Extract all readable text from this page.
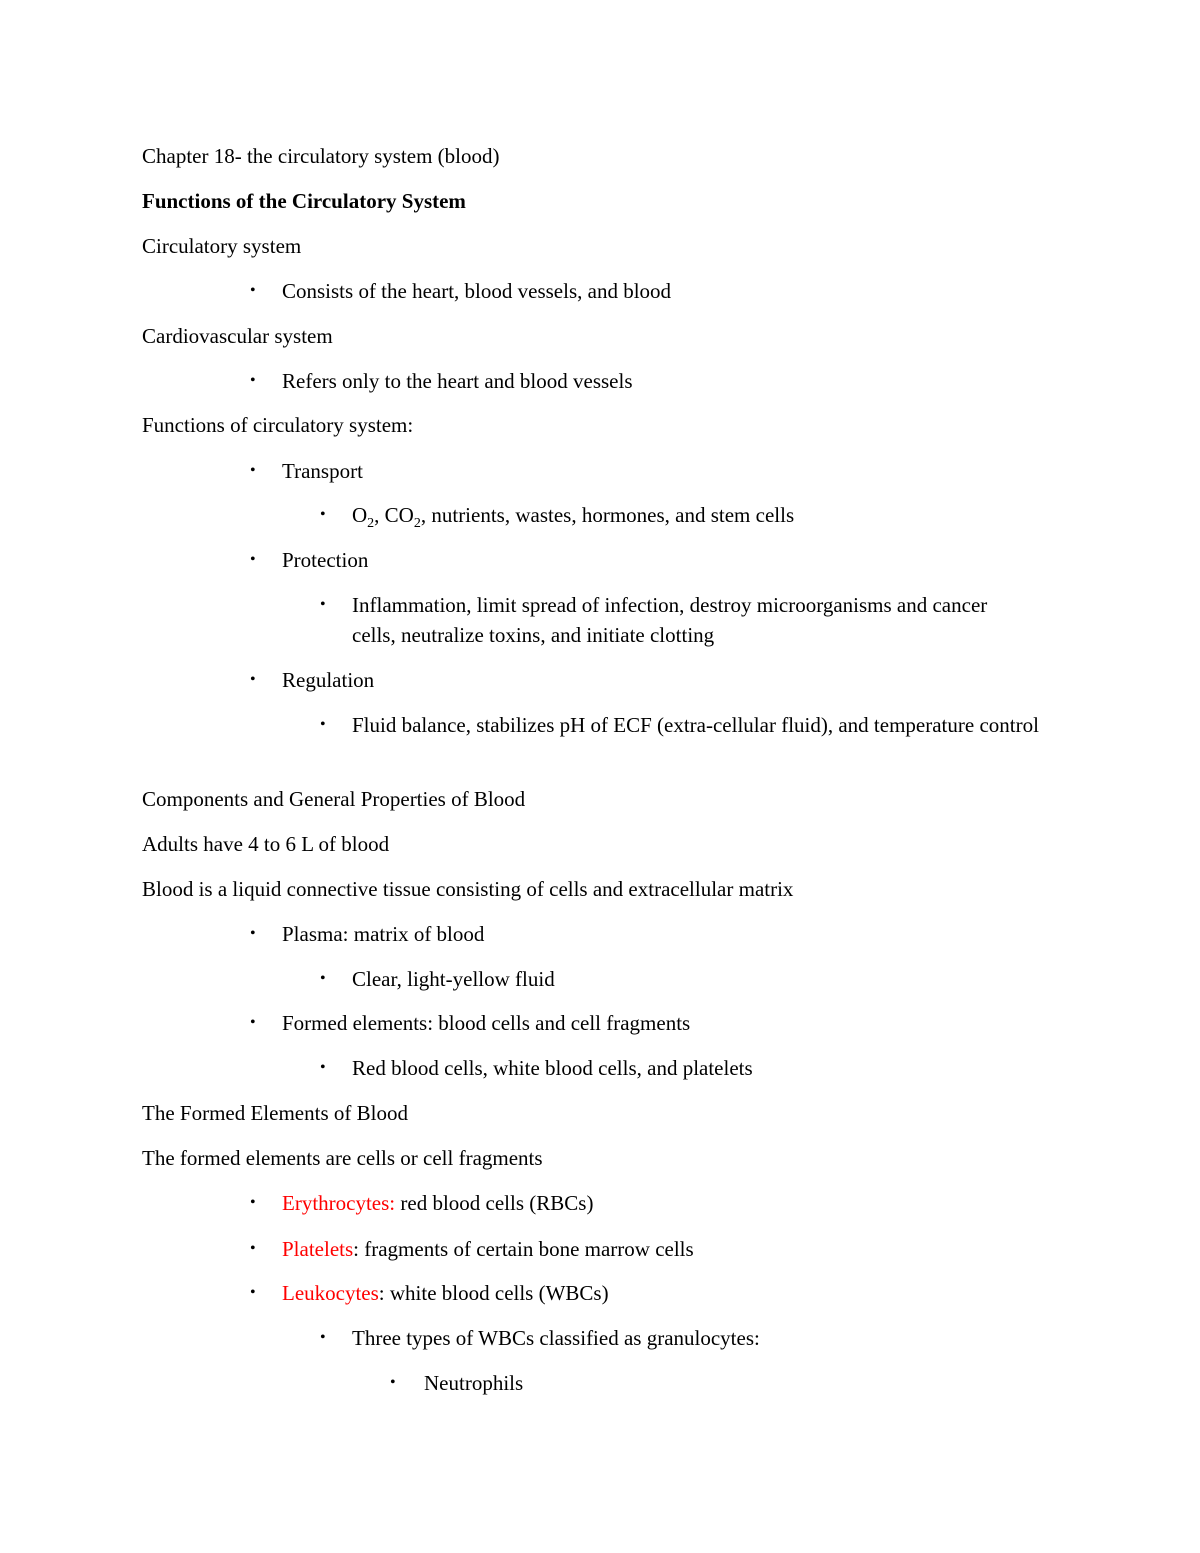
Chapter 18- the circulatory system (blood)
Functions of the Circulatory System
Circulatory system
• Consists of the heart, blood vessels, and blood
Cardiovascular system
• Refers only to the heart and blood vessels
Functions of circulatory system:
• Transport
• $O_2$, $CO_2$, nutrients, wastes, hormones, and stem cells
• Protection
• Inflammation, limit spread of infection, destroy microorganisms and cancer cells, neutralize toxins, and initiate clotting
• Regulation
• Fluid balance, stabilizes pH of ECF (extra-cellular fluid), and temperature control
Components and General Properties of Blood
Adults have 4 to 6 L of blood
Blood is a liquid connective tissue consisting of cells and extracellular matrix
• Plasma: matrix of blood
• Clear, light-yellow fluid
• Formed elements: blood cells and cell fragments
• Red blood cells, white blood cells, and platelets
The Formed Elements of Blood
The formed elements are cells or cell fragments
• Erythrocytes: red blood cells (RBCs)
• Platelets: fragments of certain bone marrow cells
• Leukocytes: white blood cells (WBCs)
• Three types of WBCs classified as granulocytes:
• Neutrophils
